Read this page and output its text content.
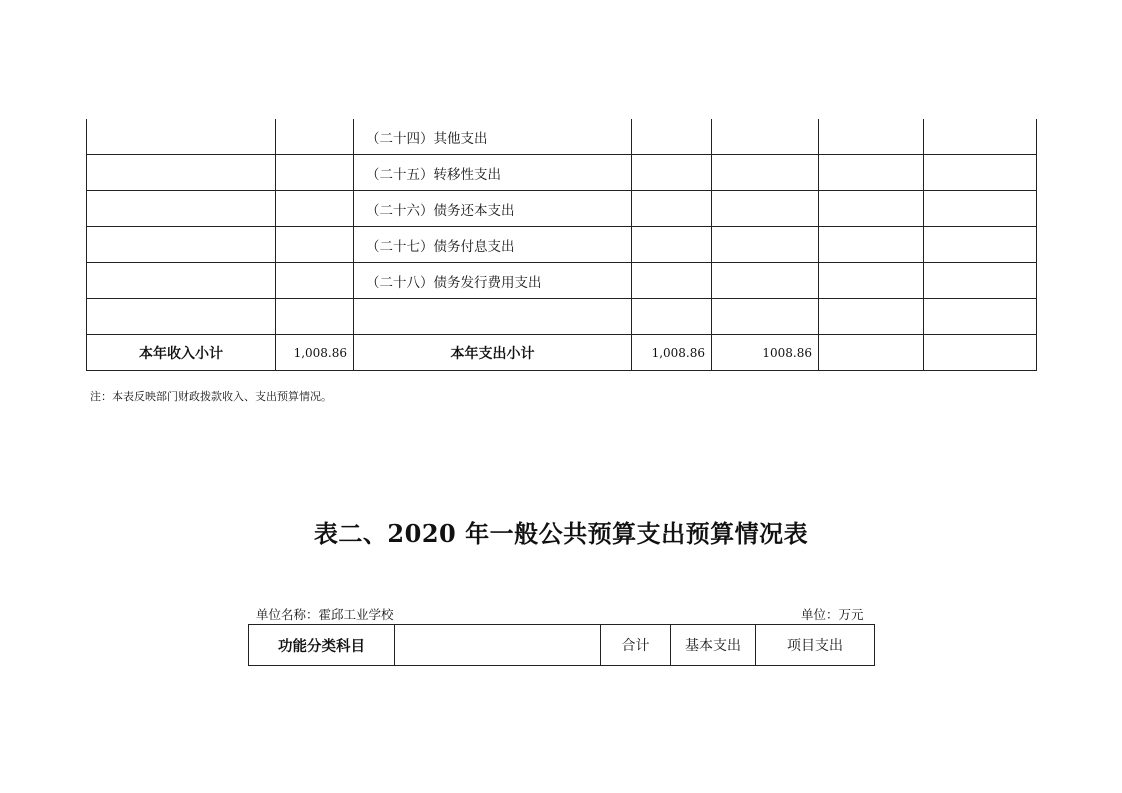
		（二十四）其他支出				
		（二十五）转移性支出				
		（二十六）债务还本支出				
		（二十七）债务付息支出				
		（二十八）债务发行费用支出				

本年收入小计	1,008.86	本年支出小计	1,008.86	1008.86		
注：本表反映部门财政拨款收入、支出预算情况。
表二、2020 年一般公共预算支出预算情况表
单位名称：霍邱工业学校	单位：万元
功能分类科目		合计	基本支出	项目支出
